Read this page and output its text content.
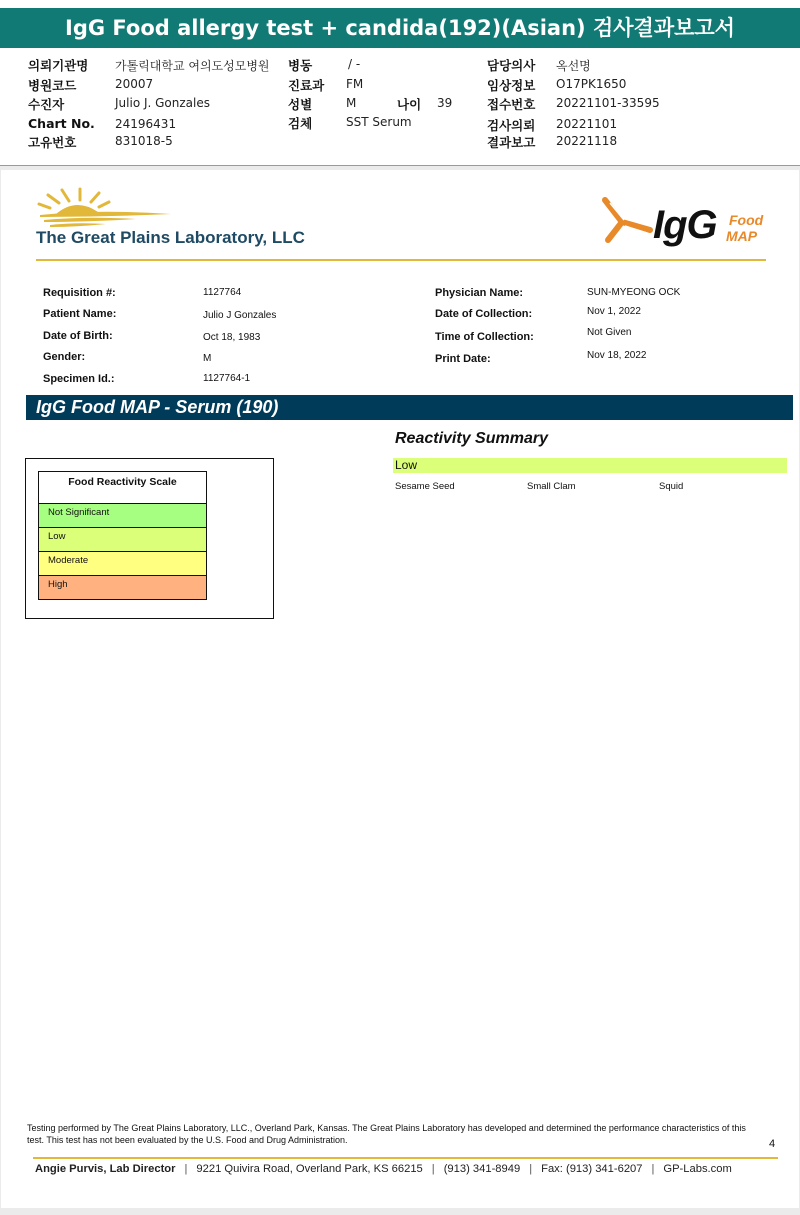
IgG Food allergy test + candida(192)(Asian) 검사결과보고서
의뢰기관명 가톨릭대학교 여의도성모병원
병원코드	20007
수진자	Julio J. Gonzales
Chart No. 24196431
고유번호	831018-5
병동	/ -
진료과 FM
성별	M	나이 39
검체	SST Serum
담당의사 옥선명
임상정보 O17PK1650
접수번호 20221101-33595
검사의뢰 20221101
결과보고 20221118
The Great Plains Laboratory, LLC	IgG Food
MAP
Requisition #:	1127764
Patient Name:	Julio J Gonzales
Date of Birth:	Oct 18, 1983
Gender:	M
Specimen Id.:	1127764-1
Physician Name:	SUN-MYEONG OCK
Date of Collection:	Nov 1, 2022
Time of Collection:	Not Given
Print Date:	Nov 18, 2022
IgG Food MAP - Serum (190)
Food Reactivity Scale
Not Significant
Low
Moderate
High
Reactivity Summary
Low
Sesame Seed	Small Clam	Squid
Testing performed by The Great Plains Laboratory, LLC., Overland Park, Kansas. The Great Plains Laboratory has developed and determined the performance characteristics of this test. This test has not been evaluated by the U.S. Food and Drug Administration.	4
Angie Purvis, Lab Director | 9221 Quivira Road, Overland Park, KS 66215 | (913) 341-8949 | Fax: (913) 341-6207 | GP-Labs.com
